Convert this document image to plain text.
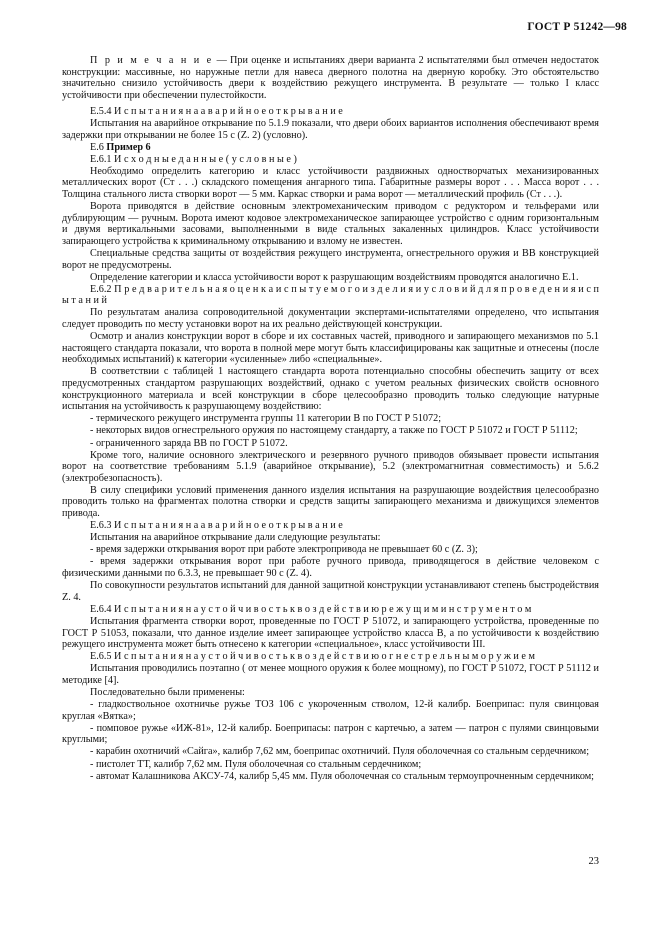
ГОСТ Р 51242—98

П р и м е ч а н и е — При оценке и испытаниях двери варианта 2 испытателями был отмечен недостаток конструкции: массивные, но наружные петли для навеса дверного полотна на дверную коробку. Это обстоятельство значительно снизило устойчивость двери к воздействию режущего инструмента. В результате — только I класс устойчивости при обеспечении пулестойкости.

Е.5.4 И с п ы т а н и я н а а в а р и й н о е о т к р ы в а н и е

Испытания на аварийное открывание по 5.1.9 показали, что двери обоих вариантов исполнения обеспечивают время задержки при открывании не более 15 с (Z. 2) (условно).

Е.6 Пример 6

Е.6.1 И с х о д н ы е д а н н ы е ( у с л о в н ы е )

Необходимо определить категорию и класс устойчивости раздвижных одностворчатых механизированных металлических ворот (Ст . . .) складского помещения ангарного типа. Габаритные размеры ворот . . . Масса ворот . . . Толщина стального листа створки ворот — 5 мм. Каркас створки и рама ворот — металлический профиль (Ст . . .).

Ворота приводятся в действие основным электромеханическим приводом с редуктором и тельферами или дублирующим — ручным. Ворота имеют кодовое электромеханическое запирающее устройство с одним горизонтальным и двумя вертикальными засовами, выполненными в виде стальных закаленных цилиндров. Класс устойчивости запирающего устройства к криминальному открыванию и взлому не известен.

Специальные средства защиты от воздействия режущего инструмента, огнестрельного оружия и ВВ конструкцией ворот не предусмотрены.

Определение категории и класса устойчивости ворот к разрушающим воздействиям проводятся аналогично Е.1.

Е.6.2 П р е д в а р и т е л ь н а я о ц е н к а и с п ы т у е м о г о и з д е л и я и у с л о в и й д л я п р о в е д е н и я и с п ы т а н и й

По результатам анализа сопроводительной документации экспертами-испытателями определено, что испытания следует проводить по месту установки ворот на их реально действующей конструкции.

Осмотр и анализ конструкции ворот в сборе и их составных частей, приводного и запирающего механизмов по 5.1 настоящего стандарта показали, что ворота в полной мере могут быть классифицированы как защитные и отнесены (после необходимых испытаний) к категории «усиленные» либо «специальные».

В соответствии с таблицей 1 настоящего стандарта ворота потенциально способны обеспечить защиту от всех предусмотренных стандартом разрушающих воздействий, однако с учетом реальных физических свойств основного конструкционного материала и всей конструкции в сборе целесообразно проводить только следующие натурные испытания на устойчивость к разрушающему воздействию:

- термического режущего инструмента группы 11 категории В по ГОСТ Р 51072;

- некоторых видов огнестрельного оружия по настоящему стандарту, а также по ГОСТ Р 51072 и ГОСТ Р 51112;

- ограниченного заряда ВВ по ГОСТ Р 51072.

Кроме того, наличие основного электрического и резервного ручного приводов обязывает провести испытания ворот на соответствие требованиям 5.1.9 (аварийное открывание), 5.2 (электромагнитная совместимость) и 5.6.2 (электробезопасность).

В силу специфики условий применения данного изделия испытания на разрушающие воздействия целесообразно проводить только на фрагментах полотна створки и средств защиты запирающего механизма и движущихся элементов привода.

Е.6.3 И с п ы т а н и я н а а в а р и й н о е о т к р ы в а н и е

Испытания на аварийное открывание дали следующие результаты:

- время задержки открывания ворот при работе электропривода не превышает 60 с (Z. 3);

- время задержки открывания ворот при работе ручного привода, приводящегося в действие человеком с физическими данными по 6.3.3, не превышает 90 с (Z. 4).

По совокупности результатов испытаний для данной защитной конструкции устанавливают степень быстродействия Z. 4.

Е.6.4 И с п ы т а н и я н а у с т о й ч и в о с т ь к в о з д е й с т в и ю р е ж у щ и м и н с т р у м е н т о м

Испытания фрагмента створки ворот, проведенные по ГОСТ Р 51072, и запирающего устройства, проведенные по ГОСТ Р 51053, показали, что данное изделие имеет запирающее устройство класса В, а по устойчивости к воздействию режущего инструмента может быть отнесено к категории «специальное», класс устойчивости III.

Е.6.5 И с п ы т а н и я н а у с т о й ч и в о с т ь к в о з д е й с т в и ю о г н е с т р е л ь н ы м о р у ж и е м

Испытания проводились поэтапно ( от менее мощного оружия к более мощному), по ГОСТ Р 51072, ГОСТ Р 51112 и методике [4].

Последовательно были применены:

- гладкоствольное охотничье ружье ТОЗ 106 с укороченным стволом, 12-й калибр. Боеприпас: пуля свинцовая круглая «Вятка»;

- помповое ружье «ИЖ-81», 12-й калибр. Боеприпасы: патрон с картечью, а затем — патрон с пулями свинцовыми круглыми;

- карабин охотничий «Сайга», калибр 7,62 мм, боеприпас охотничий. Пуля оболочечная со стальным сердечником;

- пистолет ТТ, калибр 7,62 мм. Пуля оболочечная со стальным сердечником;

- автомат Калашникова АКСУ-74, калибр 5,45 мм. Пуля оболочечная со стальным термоупрочненным сердечником;

23
